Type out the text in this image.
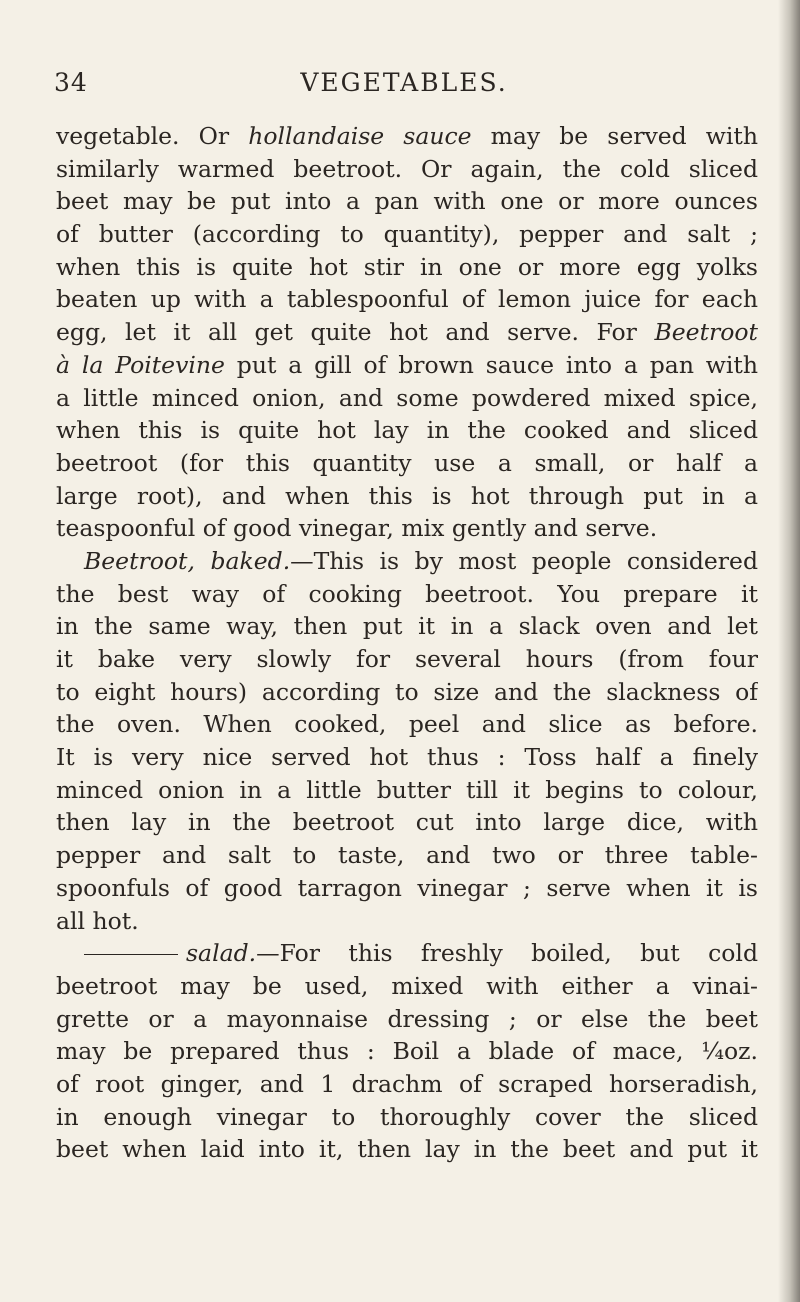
34	VEGETABLES.
vegetable. Or hollandaise sauce may be served with
similarly warmed beetroot. Or again, the cold sliced
beet may be put into a pan with one or more ounces
of butter (according to quantity), pepper and salt ;
when this is quite hot stir in one or more egg yolks
beaten up with a tablespoonful of lemon juice for each
egg, let it all get quite hot and serve. For Beetroot
à la Poitevine put a gill of brown sauce into a pan with
a little minced onion, and some powdered mixed spice,
when this is quite hot lay in the cooked and sliced
beetroot (for this quantity use a small, or half a
large root), and when this is hot through put in a
teaspoonful of good vinegar, mix gently and serve.
Beetroot, baked.—This is by most people considered
the best way of cooking beetroot. You prepare it
in the same way, then put it in a slack oven and let
it bake very slowly for several hours (from four
to eight hours) according to size and the slackness of
the oven. When cooked, peel and slice as before.
It is very nice served hot thus : Toss half a finely
minced onion in a little butter till it begins to colour,
then lay in the beetroot cut into large dice, with
pepper and salt to taste, and two or three table-
spoonfuls of good tarragon vinegar ; serve when it is
all hot.
salad.—For this freshly boiled, but cold
beetroot may be used, mixed with either a vinai-
grette or a mayonnaise dressing ; or else the beet
may be prepared thus : Boil a blade of mace, ¼oz.
of root ginger, and 1 drachm of scraped horseradish,
in enough vinegar to thoroughly cover the sliced
beet when laid into it, then lay in the beet and put it
